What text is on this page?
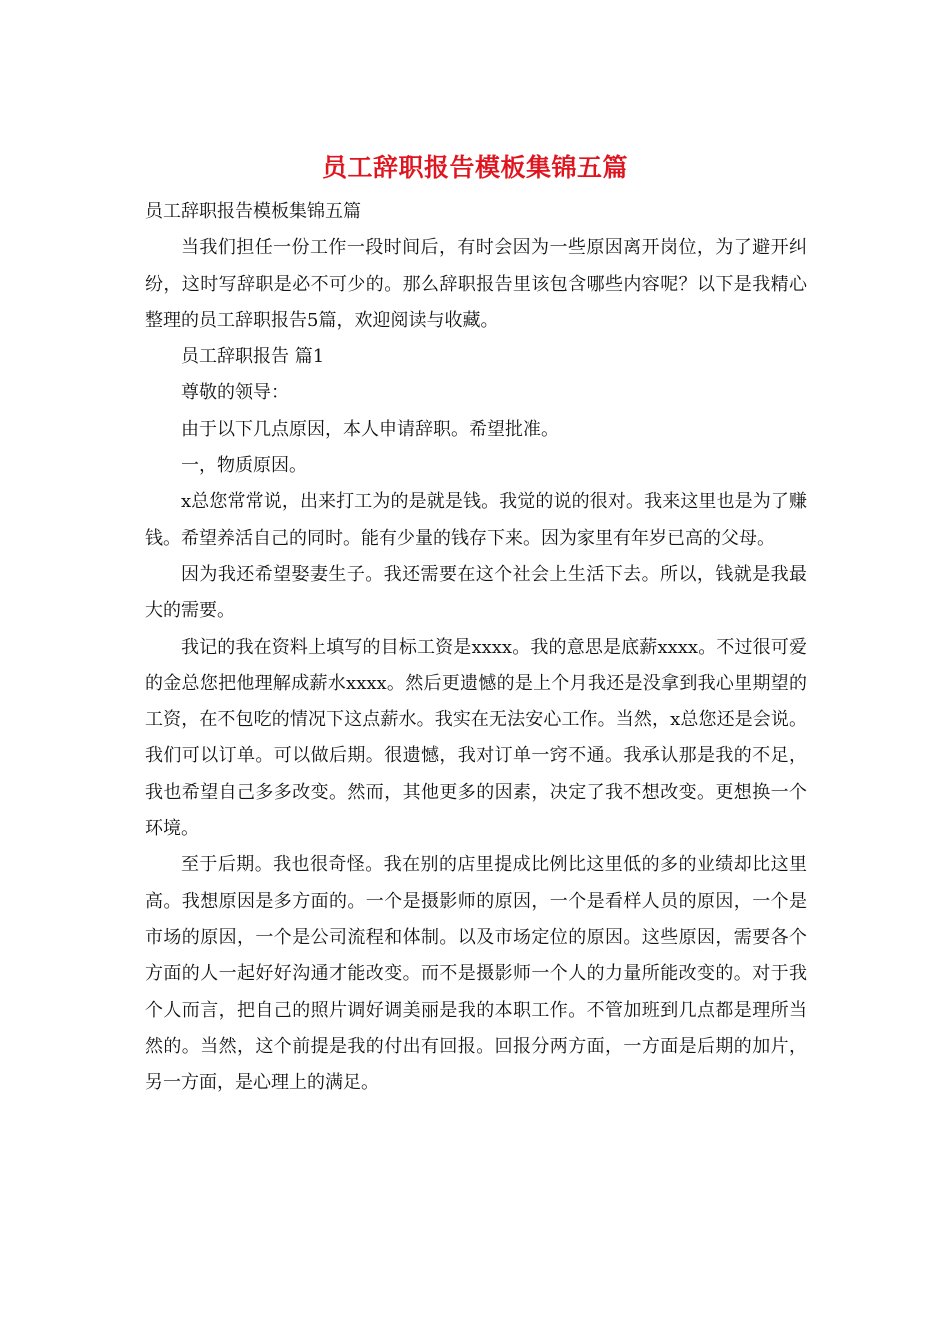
员工辞职报告模板集锦五篇

员工辞职报告模板集锦五篇

当我们担任一份工作一段时间后，有时会因为一些原因离开岗位，为了避开纠纷，这时写辞职是必不可少的。那么辞职报告里该包含哪些内容呢？以下是我精心整理的员工辞职报告5篇，欢迎阅读与收藏。

员工辞职报告 篇1

尊敬的领导：

由于以下几点原因，本人申请辞职。希望批准。

一，物质原因。

x总您常常说，出来打工为的是就是钱。我觉的说的很对。我来这里也是为了赚钱。希望养活自己的同时。能有少量的钱存下来。因为家里有年岁已高的父母。

因为我还希望娶妻生子。我还需要在这个社会上生活下去。所以，钱就是我最大的需要。

我记的我在资料上填写的目标工资是xxxx。我的意思是底薪xxxx。不过很可爱的金总您把他理解成薪水xxxx。然后更遗憾的是上个月我还是没拿到我心里期望的工资，在不包吃的情况下这点薪水。我实在无法安心工作。当然，x总您还是会说。我们可以订单。可以做后期。很遗憾，我对订单一窍不通。我承认那是我的不足，我也希望自己多多改变。然而，其他更多的因素，决定了我不想改变。更想换一个环境。

至于后期。我也很奇怪。我在别的店里提成比例比这里低的多的业绩却比这里高。我想原因是多方面的。一个是摄影师的原因，一个是看样人员的原因，一个是市场的原因，一个是公司流程和体制。以及市场定位的原因。这些原因，需要各个方面的人一起好好沟通才能改变。而不是摄影师一个人的力量所能改变的。对于我个人而言，把自己的照片调好调美丽是我的本职工作。不管加班到几点都是理所当然的。当然，这个前提是我的付出有回报。回报分两方面，一方面是后期的加片，另一方面，是心理上的满足。
